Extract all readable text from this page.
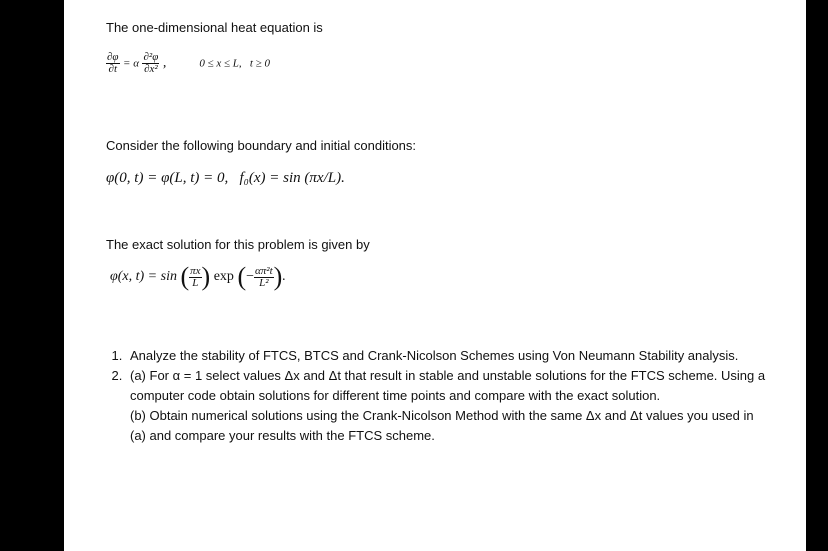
The one-dimensional heat equation is
$\frac{\partial\varphi}{\partial t} = \alpha \frac{\text{∂²φ}}{\text{∂x²}}$ ,	0 ≤ x ≤ L,   t ≥ 0
Consider the following boundary and initial conditions:
φ(0, t) = φ(L, t) = 0,   f₀(x) = sin (πx/L).
The exact solution for this problem is given by
φ(x, t) = sin ( $\frac{\pi x}{L}$ ) exp (− $\frac{\text{απ²t}}{\text{L²}}$ ).
1. Analyze the stability of FTCS, BTCS and Crank-Nicolson Schemes using Von Neumann Stability analysis.
2. (a) For α = 1 select values Δx and Δt that result in stable and unstable solutions for the FTCS scheme. Using a computer code obtain solutions for different time points and compare with the exact solution.
(b) Obtain numerical solutions using the Crank-Nicolson Method with the same Δx and Δt values you used in (a) and compare your results with the FTCS scheme.
